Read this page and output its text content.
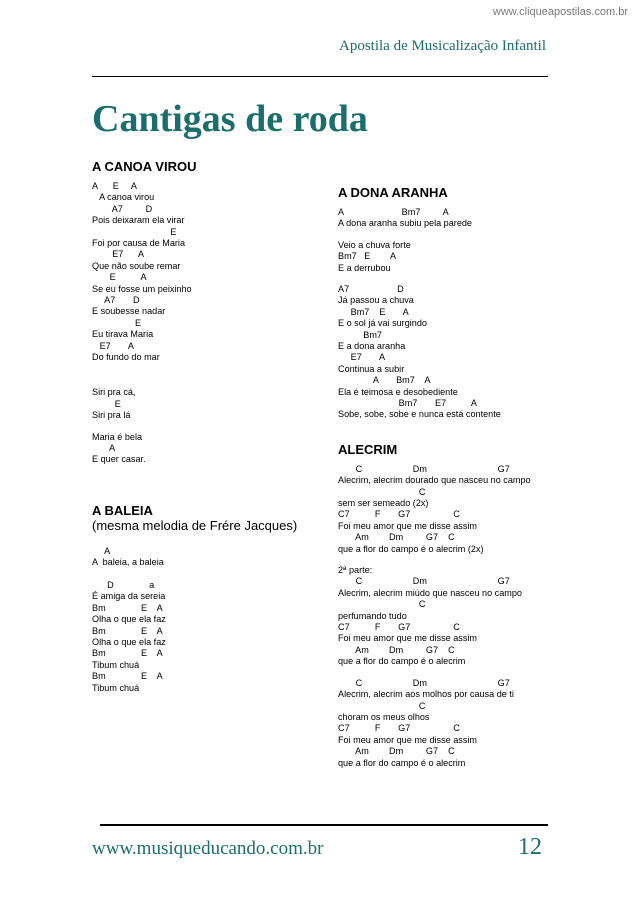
www.cliqueapostilas.com.br
Apostila de Musicalização Infantil
Cantigas de roda
A CANOA VIROU
A      E     A
A canoa virou
A7         D
Pois deixaram ela virar
E
Foi por causa de Maria
E7      A
Que não soube remar
E          A
Se eu fosse um peixinho
A7       D
E soubesse nadar
E
Eu tirava Maria
E7       A
Do fundo do mar
Siri pra cá,
E
Siri pra lá
Maria é bela
A
E quer casar.
A BALEIA
(mesma melodia de Frére Jacques)
A
A  baleia, a baleia

D              a
É amiga da sereia
Bm              E    A
Olha o que ela faz
Bm              E    A
Olha o que ela faz
Bm              E    A
Tibum chuá
Bm              E    A
Tibum chuá
A DONA ARANHA
A                       Bm7         A
A dona aranha subiu pela parede
Veio a chuva forte
Bm7   E        A
E a derrubou
A7                   D
Já passou a chuva
Bm7    E       A
E o sol já vai surgindo
Bm7
E a dona aranha
E7       A
Continua a subir
A       Bm7    A
Ela é teimosa e desobediente
Bm7       E7          A
Sobe, sobe, sobe e nunca está contente
ALECRIM
C                    Dm                            G7
Alecrim, alecrim dourado que nasceu no campo
C
sem ser semeado (2x)
C7          F       G7                 C
Foi meu amor que me disse assim
Am        Dm         G7    C
que a flor do campo é o alecrim (2x)
2ª parte:
C                    Dm                            G7
Alecrim, alecrim miúdo que nasceu no campo
C
perfumando tudo
C7          F       G7                 C
Foi meu amor que me disse assim
Am        Dm         G7    C
que a flor do campo é o alecrim
C                    Dm                            G7
Alecrim, alecrim aos molhos por causa de ti
C
choram os meus olhos
C7          F       G7                 C
Foi meu amor que me disse assim
Am        Dm         G7    C
que a flor do campo é o alecrim
www.musiqueducando.com.br	12
